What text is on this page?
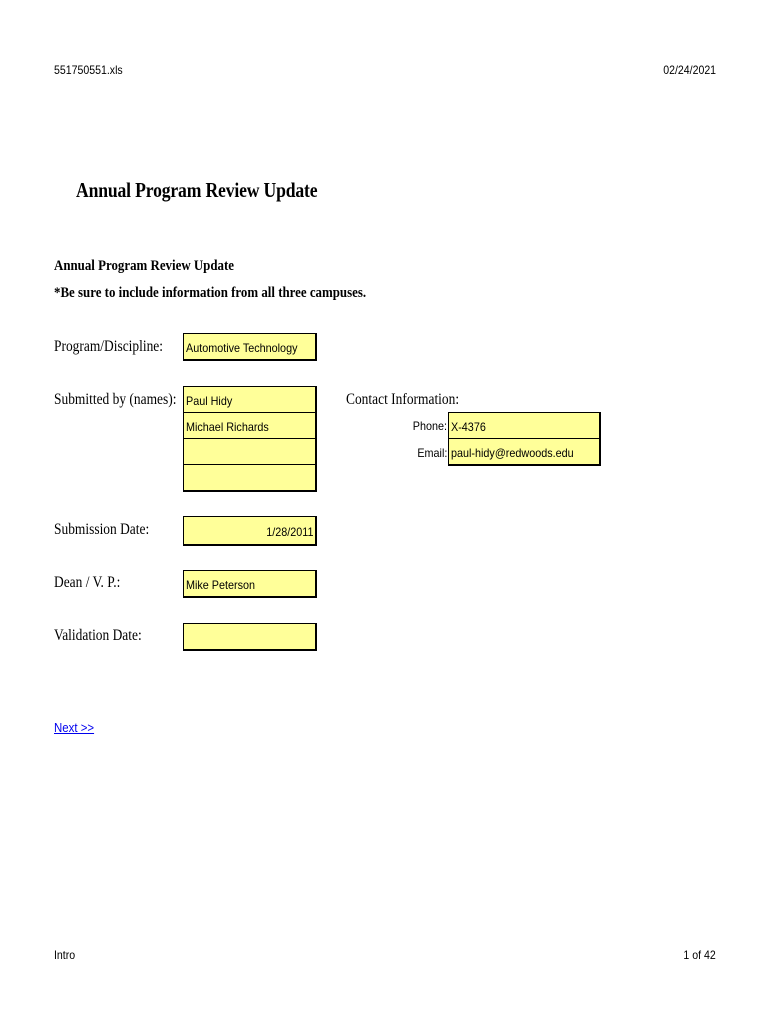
551750551.xls	02/24/2021
Annual Program Review Update
Annual Program Review Update
*Be sure to include information from all three campuses.
Program/Discipline: Automotive Technology
Submitted by (names): Paul Hidy
Michael Richards
Contact Information:
Phone: X-4376
Email: paul-hidy@redwoods.edu
Submission Date:	1/28/2011
Dean / V. P.:	Mike Peterson
Validation Date:
Next >>
Intro	1 of 42
